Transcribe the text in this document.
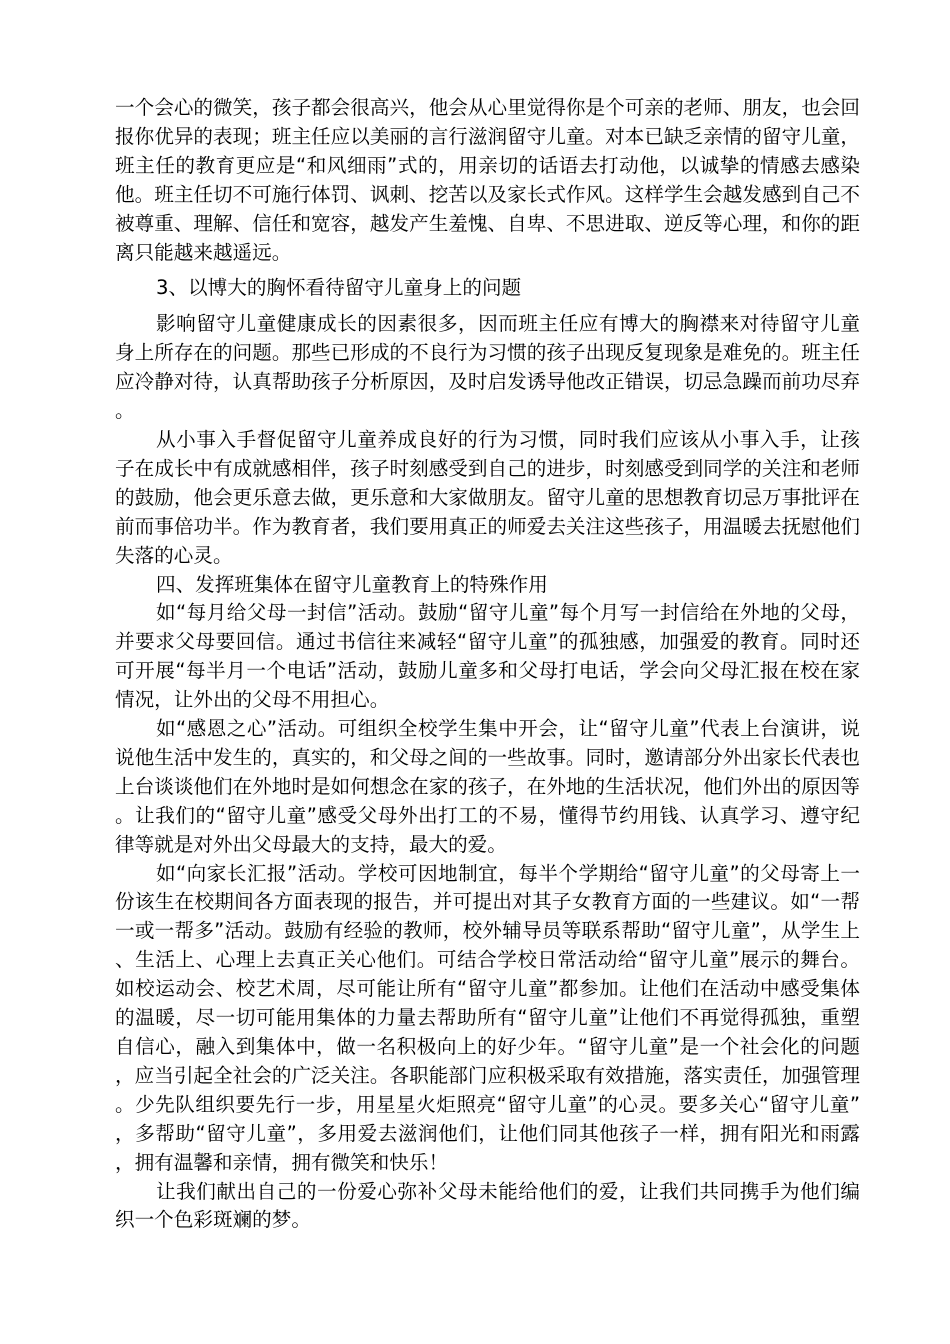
一个会心的微笑，孩子都会很高兴，他会从心里觉得你是个可亲的老师、朋友，也会回报你优异的表现；班主任应以美丽的言行滋润留守儿童。对本已缺乏亲情的留守儿童，班主任的教育更应是“和风细雨”式的，用亲切的话语去打动他，以诚挚的情感去感染他。班主任切不可施行体罚、讽刺、挖苦以及家长式作风。这样学生会越发感到自己不被尊重、理解、信任和宽容，越发产生羞愧、自卑、不思进取、逆反等心理，和你的距离只能越来越遥远。

3、以博大的胸怀看待留守儿童身上的问题

影响留守儿童健康成长的因素很多，因而班主任应有博大的胸襟来对待留守儿童身上所存在的问题。那些已形成的不良行为习惯的孩子出现反复现象是难免的。班主任应冷静对待，认真帮助孩子分析原因，及时启发诱导他改正错误，切忌急躁而前功尽弃。

从小事入手督促留守儿童养成良好的行为习惯，同时我们应该从小事入手，让孩子在成长中有成就感相伴，孩子时刻感受到自己的进步，时刻感受到同学的关注和老师的鼓励，他会更乐意去做，更乐意和大家做朋友。留守儿童的思想教育切忌万事批评在前而事倍功半。作为教育者，我们要用真正的师爱去关注这些孩子，用温暖去抚慰他们失落的心灵。

四、发挥班集体在留守儿童教育上的特殊作用

如“每月给父母一封信”活动。鼓励“留守儿童”每个月写一封信给在外地的父母，并要求父母要回信。通过书信往来减轻“留守儿童”的孤独感，加强爱的教育。同时还可开展“每半月一个电话”活动，鼓励儿童多和父母打电话，学会向父母汇报在校在家情况，让外出的父母不用担心。

如“感恩之心”活动。可组织全校学生集中开会，让“留守儿童”代表上台演讲，说说他生活中发生的，真实的，和父母之间的一些故事。同时，邀请部分外出家长代表也上台谈谈他们在外地时是如何想念在家的孩子，在外地的生活状况，他们外出的原因等。让我们的“留守儿童”感受父母外出打工的不易，懂得节约用钱、认真学习、遵守纪律等就是对外出父母最大的支持，最大的爱。

如“向家长汇报”活动。学校可因地制宜，每半个学期给“留守儿童”的父母寄上一份该生在校期间各方面表现的报告，并可提出对其子女教育方面的一些建议。如“一帮一或一帮多”活动。鼓励有经验的教师，校外辅导员等联系帮助“留守儿童”，从学生上、生活上、心理上去真正关心他们。可结合学校日常活动给“留守儿童”展示的舞台。如校运动会、校艺术周，尽可能让所有“留守儿童”都参加。让他们在活动中感受集体的温暖，尽一切可能用集体的力量去帮助所有“留守儿童”让他们不再觉得孤独，重塑自信心，融入到集体中，做一名积极向上的好少年。“留守儿童”是一个社会化的问题，应当引起全社会的广泛关注。各职能部门应积极采取有效措施，落实责任，加强管理。少先队组织要先行一步，用星星火炬照亮“留守儿童”的心灵。要多关心“留守儿童”，多帮助“留守儿童”，多用爱去滋润他们，让他们同其他孩子一样，拥有阳光和雨露，拥有温馨和亲情，拥有微笑和快乐！

让我们献出自己的一份爱心弥补父母未能给他们的爱，让我们共同携手为他们编织一个色彩斑斓的梦。
